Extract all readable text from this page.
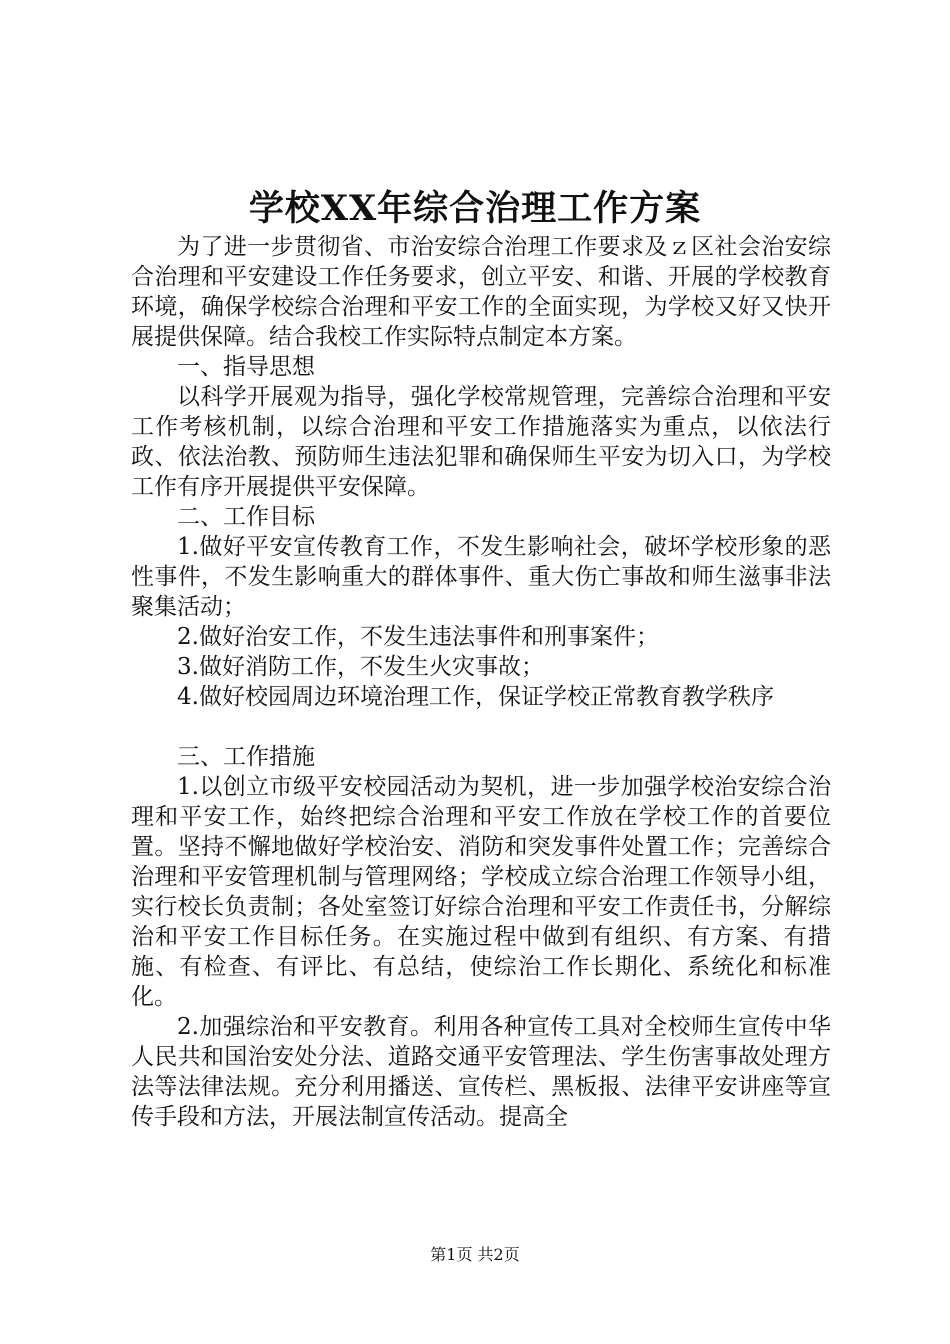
学校XX年综合治理工作方案

为了进一步贯彻省、市治安综合治理工作要求及ｚ区社会治安综合治理和平安建设工作任务要求，创立平安、和谐、开展的学校教育环境，确保学校综合治理和平安工作的全面实现，为学校又好又快开展提供保障。结合我校工作实际特点制定本方案。

一、指导思想

以科学开展观为指导，强化学校常规管理，完善综合治理和平安工作考核机制，以综合治理和平安工作措施落实为重点，以依法行政、依法治教、预防师生违法犯罪和确保师生平安为切入口，为学校工作有序开展提供平安保障。

二、工作目标

1.做好平安宣传教育工作，不发生影响社会，破坏学校形象的恶性事件，不发生影响重大的群体事件、重大伤亡事故和师生滋事非法聚集活动；

2.做好治安工作，不发生违法事件和刑事案件；

3.做好消防工作，不发生火灾事故；

4.做好校园周边环境治理工作，保证学校正常教育教学秩序

三、工作措施

1.以创立市级平安校园活动为契机，进一步加强学校治安综合治理和平安工作，始终把综合治理和平安工作放在学校工作的首要位置。坚持不懈地做好学校治安、消防和突发事件处置工作；完善综合治理和平安管理机制与管理网络；学校成立综合治理工作领导小组，实行校长负责制；各处室签订好综合治理和平安工作责任书，分解综治和平安工作目标任务。在实施过程中做到有组织、有方案、有措施、有检查、有评比、有总结，使综治工作长期化、系统化和标准化。

2.加强综治和平安教育。利用各种宣传工具对全校师生宣传中华人民共和国治安处分法、道路交通平安管理法、学生伤害事故处理方法等法律法规。充分利用播送、宣传栏、黑板报、法律平安讲座等宣传手段和方法，开展法制宣传活动。提高全

第1页 共2页
